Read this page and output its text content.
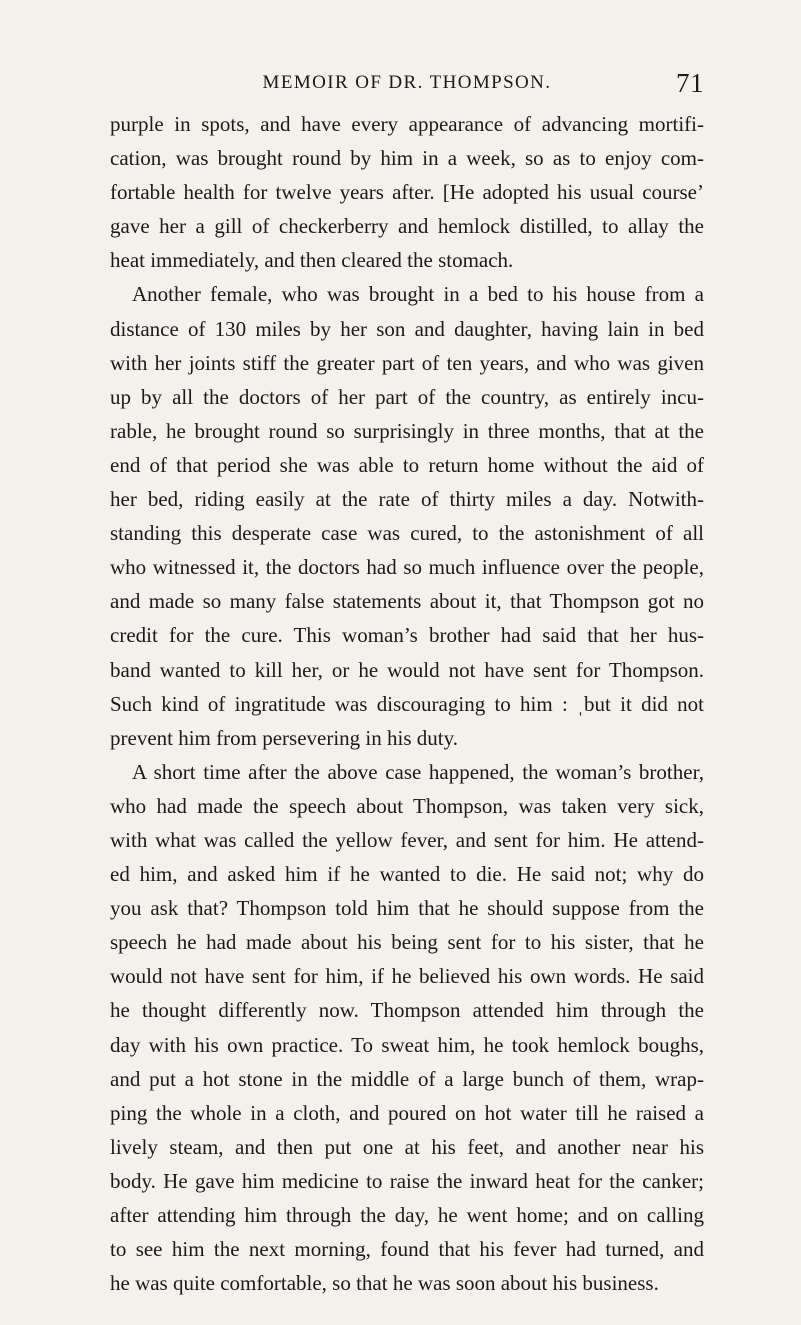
MEMOIR OF DR. THOMPSON.	71
purple in spots, and have every appearance of advancing mortifi-
cation, was brought round by him in a week, so as to enjoy com-
fortable health for twelve years after. [He adopted his usual course’
gave her a gill of checkerberry and hemlock distilled, to allay the
heat immediately, and then cleared the stomach.
Another female, who was brought in a bed to his house from a
distance of 130 miles by her son and daughter, having lain in bed
with her joints stiff the greater part of ten years, and who was given
up by all the doctors of her part of the country, as entirely incu-
rable, he brought round so surprisingly in three months, that at the
end of that period she was able to return home without the aid of
her bed, riding easily at the rate of thirty miles a day. Notwith-
standing this desperate case was cured, to the astonishment of all
who witnessed it, the doctors had so much influence over the people,
and made so many false statements about it, that Thompson got no
credit for the cure. This woman’s brother had said that her hus-
band wanted to kill her, or he would not have sent for Thompson.
Such kind of ingratitude was discouraging to him : ˌbut it did not
prevent him from persevering in his duty.
A short time after the above case happened, the woman’s brother,
who had made the speech about Thompson, was taken very sick,
with what was called the yellow fever, and sent for him. He attend-
ed him, and asked him if he wanted to die. He said not; why do
you ask that? Thompson told him that he should suppose from the
speech he had made about his being sent for to his sister, that he
would not have sent for him, if he believed his own words. He said
he thought differently now. Thompson attended him through the
day with his own practice. To sweat him, he took hemlock boughs,
and put a hot stone in the middle of a large bunch of them, wrap-
ping the whole in a cloth, and poured on hot water till he raised a
lively steam, and then put one at his feet, and another near his
body. He gave him medicine to raise the inward heat for the canker;
after attending him through the day, he went home; and on calling
to see him the next morning, found that his fever had turned, and
he was quite comfortable, so that he was soon about his business.
